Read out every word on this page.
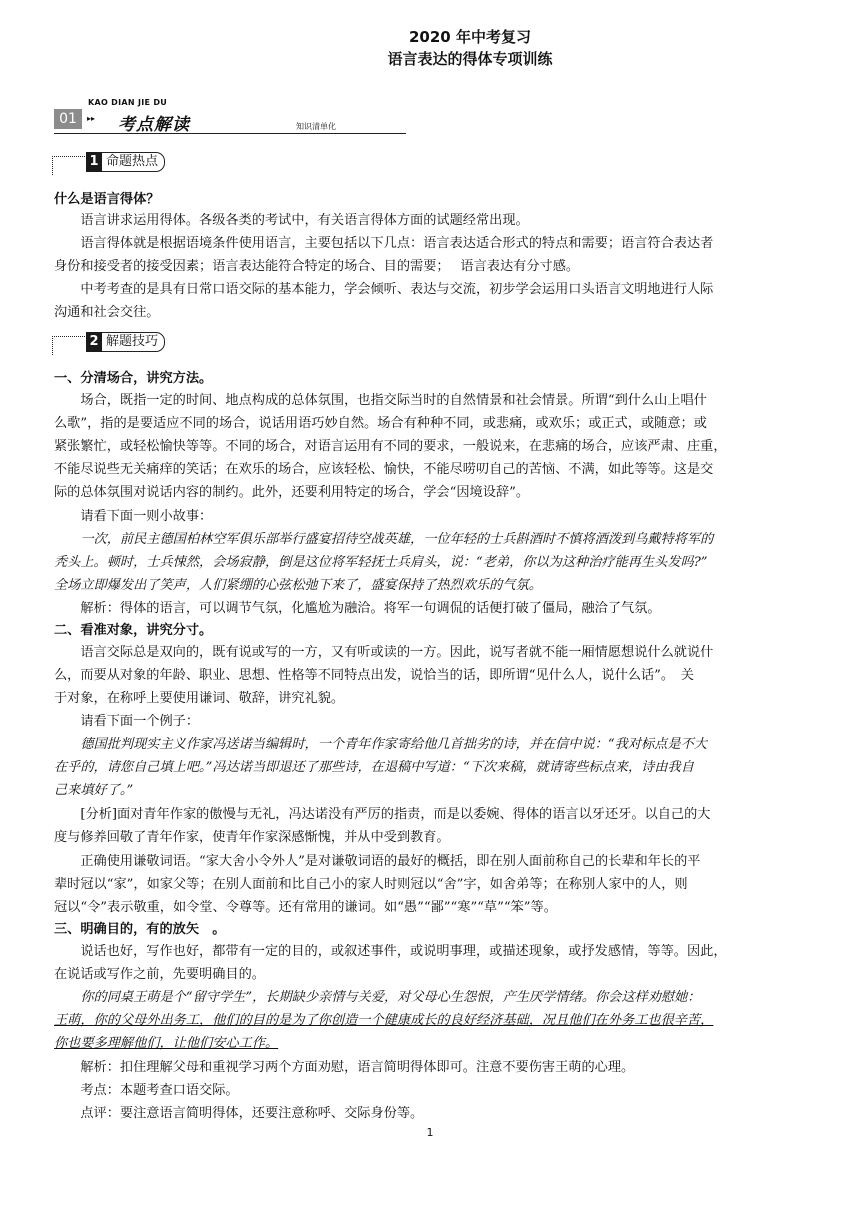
2020 年中考复习
语言表达的得体专项训练
KAO DIAN JIE DU
01	▸▸ 考点解读	知识清单化
1 命题热点
2 解题技巧
什么是语言得体？
　　语言讲求运用得体。各级各类的考试中，有关语言得体方面的试题经常出现。
　　语言得体就是根据语境条件使用语言，主要包括以下几点：语言表达适合形式的特点和需要；语言符合表达者
身份和接受者的接受因素；语言表达能符合特定的场合、目的需要；　 语言表达有分寸感。
　　中考考查的是具有日常口语交际的基本能力，学会倾听、表达与交流，初步学会运用口头语言文明地进行人际
沟通和社会交往。
一、分清场合，讲究方法。
　　场合，既指一定的时间、地点构成的总体氛围，也指交际当时的自然情景和社会情景。所谓“到什么山上唱什
么歌”，指的是要适应不同的场合，说话用语巧妙自然。场合有种种不同，或悲痛，或欢乐；或正式，或随意；或
紧张繁忙，或轻松愉快等等。不同的场合，对语言运用有不同的要求，一般说来，在悲痛的场合，应该严肃、庄重，
不能尽说些无关痛痒的笑话；在欢乐的场合，应该轻松、愉快，不能尽唠叨自己的苦恼、不满，如此等等。这是交
际的总体氛围对说话内容的制约。此外，还要利用特定的场合，学会“因境设辞”。
　　请看下面一则小故事：
　　一次，前民主德国柏林空军俱乐部举行盛宴招待空战英雄，一位年轻的士兵斟酒时不慎将酒泼到乌戴特将军的
秃头上。顿时，士兵悚然，会场寂静，倒是这位将军轻抚士兵肩头，说：“老弟，你以为这种治疗能再生头发吗?”
全场立即爆发出了笑声，人们紧绷的心弦松弛下来了，盛宴保持了热烈欢乐的气氛。
　　解析：得体的语言，可以调节气氛，化尴尬为融洽。将军一句调侃的话便打破了僵局，融洽了气氛。
二、看准对象，讲究分寸。
　　语言交际总是双向的，既有说或写的一方，又有听或读的一方。因此，说写者就不能一厢情愿想说什么就说什
么，而要从对象的年龄、职业、思想、性格等不同特点出发，说恰当的话，即所谓“见什么人，说什么话”。　关
于对象，在称呼上要使用谦词、敬辞，讲究礼貌。
　　请看下面一个例子：
　　德国批判现实主义作家冯送诺当编辑时，一个青年作家寄给他几首拙劣的诗，并在信中说：“我对标点是不大
在乎的，请您自己填上吧。”冯达诺当即退还了那些诗，在退稿中写道：“下次来稿，就请寄些标点来，诗由我自
己来填好了。”
　　[分析]面对青年作家的傲慢与无礼，冯达诺没有严厉的指责，而是以委婉、得体的语言以牙还牙。以自己的大
度与修养回敬了青年作家，使青年作家深感惭愧，并从中受到教育。
　　正确使用谦敬词语。“家大舍小令外人”是对谦敬词语的最好的概括，即在别人面前称自己的长辈和年长的平
辈时冠以“家”，如家父等；在别人面前和比自己小的家人时则冠以“舍”字，如舍弟等；在称别人家中的人，则
冠以“令”表示敬重，如令堂、令尊等。还有常用的谦词。如“愚”“鄙”“寒”“草”“笨”等。
三、明确目的，有的放矢　。
　　说话也好，写作也好，都带有一定的目的，或叙述事件，或说明事理，或描述现象，或抒发感情，等等。因此，
在说话或写作之前，先要明确目的。
　　你的同桌王萌是个“留守学生”，长期缺少亲情与关爱，对父母心生怨恨，产生厌学情绪。你会这样劝慰她：
王萌，你的父母外出务工，他们的目的是为了你创造一个健康成长的良好经济基础，况且他们在外务工也很辛苦，
你也要多理解他们，让他们安心工作。
　　解析：扣住理解父母和重视学习两个方面劝慰，语言简明得体即可。注意不要伤害王萌的心理。
　　考点：本题考查口语交际。
　　点评：要注意语言简明得体，还要注意称呼、交际身份等。
1
